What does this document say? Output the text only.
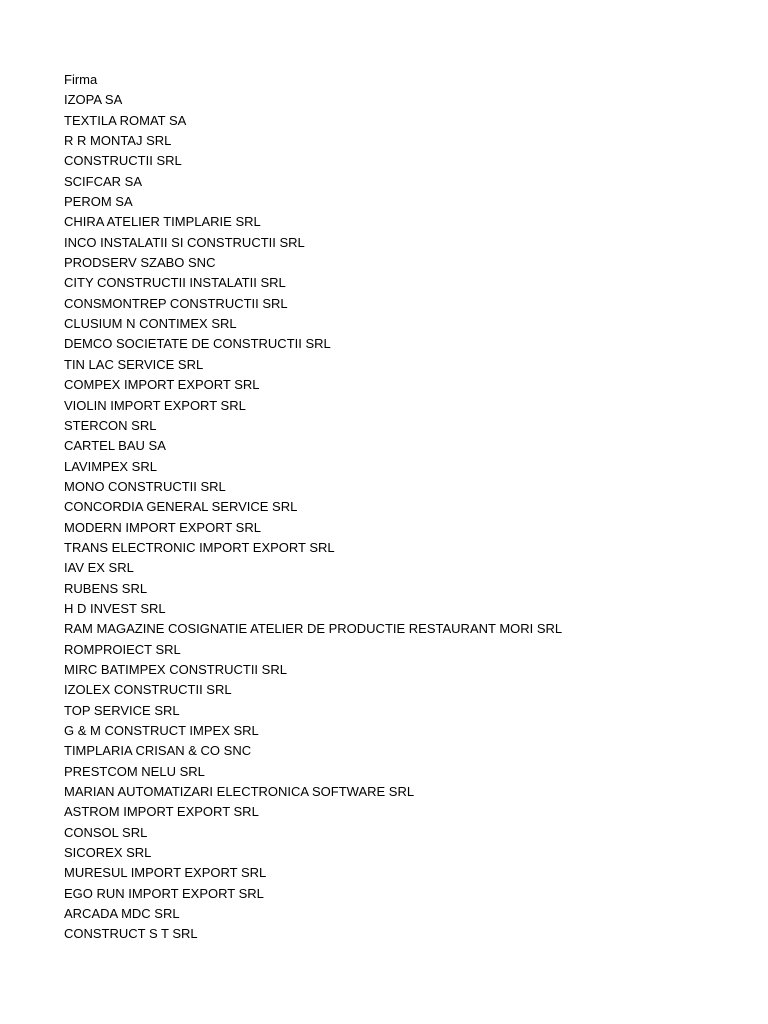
Firma
IZOPA SA
TEXTILA ROMAT SA
R R MONTAJ SRL
CONSTRUCTII SRL
SCIFCAR SA
PEROM SA
CHIRA ATELIER TIMPLARIE SRL
INCO INSTALATII SI CONSTRUCTII SRL
PRODSERV SZABO SNC
CITY CONSTRUCTII INSTALATII SRL
CONSMONTREP CONSTRUCTII SRL
CLUSIUM N CONTIMEX SRL
DEMCO SOCIETATE DE CONSTRUCTII SRL
TIN LAC SERVICE SRL
COMPEX IMPORT EXPORT SRL
VIOLIN IMPORT EXPORT SRL
STERCON SRL
CARTEL BAU SA
LAVIMPEX SRL
MONO CONSTRUCTII SRL
CONCORDIA GENERAL SERVICE SRL
MODERN IMPORT EXPORT SRL
TRANS ELECTRONIC IMPORT EXPORT SRL
IAV EX SRL
RUBENS SRL
H D INVEST SRL
RAM MAGAZINE COSIGNATIE ATELIER DE PRODUCTIE RESTAURANT MORI SRL
ROMPROIECT SRL
MIRC BATIMPEX CONSTRUCTII SRL
IZOLEX CONSTRUCTII SRL
TOP SERVICE SRL
G & M CONSTRUCT IMPEX SRL
TIMPLARIA CRISAN & CO SNC
PRESTCOM NELU SRL
MARIAN AUTOMATIZARI ELECTRONICA SOFTWARE SRL
ASTROM IMPORT EXPORT SRL
CONSOL SRL
SICOREX SRL
MURESUL IMPORT EXPORT SRL
EGO RUN IMPORT EXPORT SRL
ARCADA MDC SRL
CONSTRUCT S T SRL
